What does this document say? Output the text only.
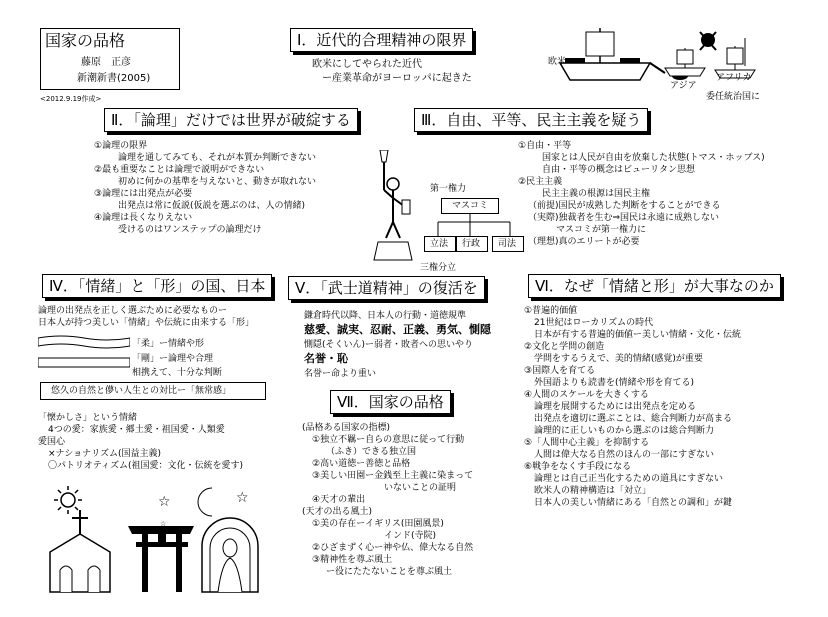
国家の品格
藤原　正彦
新潮新書(2005)
<2012.9.19作成>
Ⅰ．近代的合理精神の限界
欧米にしてやられた近代
ー産業革命がヨーロッパに起きた
欧米
アジア
アフリカ
委任統治国に
Ⅱ．「論理」だけでは世界が破綻する
①論理の限界
論理を通してみても、それが本質か判断できない
②最も重要なことは論理で説明ができない
初めに何かの基準を与えないと、動きが取れない
③論理には出発点が必要
出発点は常に仮説(仮説を選ぶのは、人の情緒)
④論理は長くなりえない
受けるのはワンステップの論理だけ
第一権力
マスコミ
立法 行政 司法
三権分立
Ⅲ．自由、平等、民主主義を疑う
①自由・平等
国家とは人民が自由を放棄した状態(トマス・ホッブス)
自由・平等の概念はビューリタン思想
②民主主義
民主主義の根源は国民主権
（前提)国民が成熟した判断をすることができる
（実際)独裁者を生む⇒国民は永遠に成熟しない
マスコミが第一権力に
（理想)真のエリートが必要
Ⅳ．「情緒」と「形」の国、日本
論理の出発点を正しく選ぶために必要なものー
日本人が持つ美しい「情緒」や伝統に由来する「形」
「柔」ー情緒や形
「剛」ー論理や合理
相携えて、十分な判断
悠久の自然と儚い人生との対比ー「無常感」
「懐かしさ」という情緒
4つの愛：家族愛・郷土愛・祖国愛・人類愛
愛国心
×ナショナリズム(国益主義)
〇パトリオティズム(祖国愛：文化・伝統を愛す)
☆	☆
☆
Ⅴ．「武士道精神」の復活を
鎌倉時代以降、日本人の行動・道徳規準
慈愛、誠実、忍耐、正義、勇気、惻隠
惻隠(そくいん)ー弱者・敗者への思いやり
名誉・恥
名誉ー命より重い
Ⅶ．国家の品格
(品格ある国家の指標)
①独立不羈ー自らの意思に従って行動
（ふき）できる独立国
②高い道徳ー善徳と品格
③美しい田園ー金銭至上主義に染まって
いないことの証明
④天才の輩出
(天才の出る風土)
①美の存在ーイギリス(田園風景)
インド(寺院)
②ひざまずく心ー神や仏、偉大なる自然
③精神性を尊ぶ風土
ー役にたたないことを尊ぶ風土
Ⅵ．なぜ「情緒と形」が大事なのか
①普遍的価値
21世紀はローカリズムの時代
日本が有する普遍的価値ー美しい情緒・文化・伝統
②文化と学問の創造
学問をするうえで、美的情緒(感覚)が重要
③国際人を育てる
外国語よりも読書を(情緒や形を育てる)
④人間のスケールを大きくする
論理を展開するためには出発点を定める
出発点を適切に選ぶことは、総合判断力が高まる
論理的に正しいものから選ぶのは総合判断力
⑤「人間中心主義」を抑制する
人間は偉大なる自然のほんの一部にすぎない
⑥戦争をなくす手段になる
論理とは自己正当化するための道具にすぎない
欧米人の精神構造は「対立」
日本人の美しい情緒にある「自然との調和」が鍵
